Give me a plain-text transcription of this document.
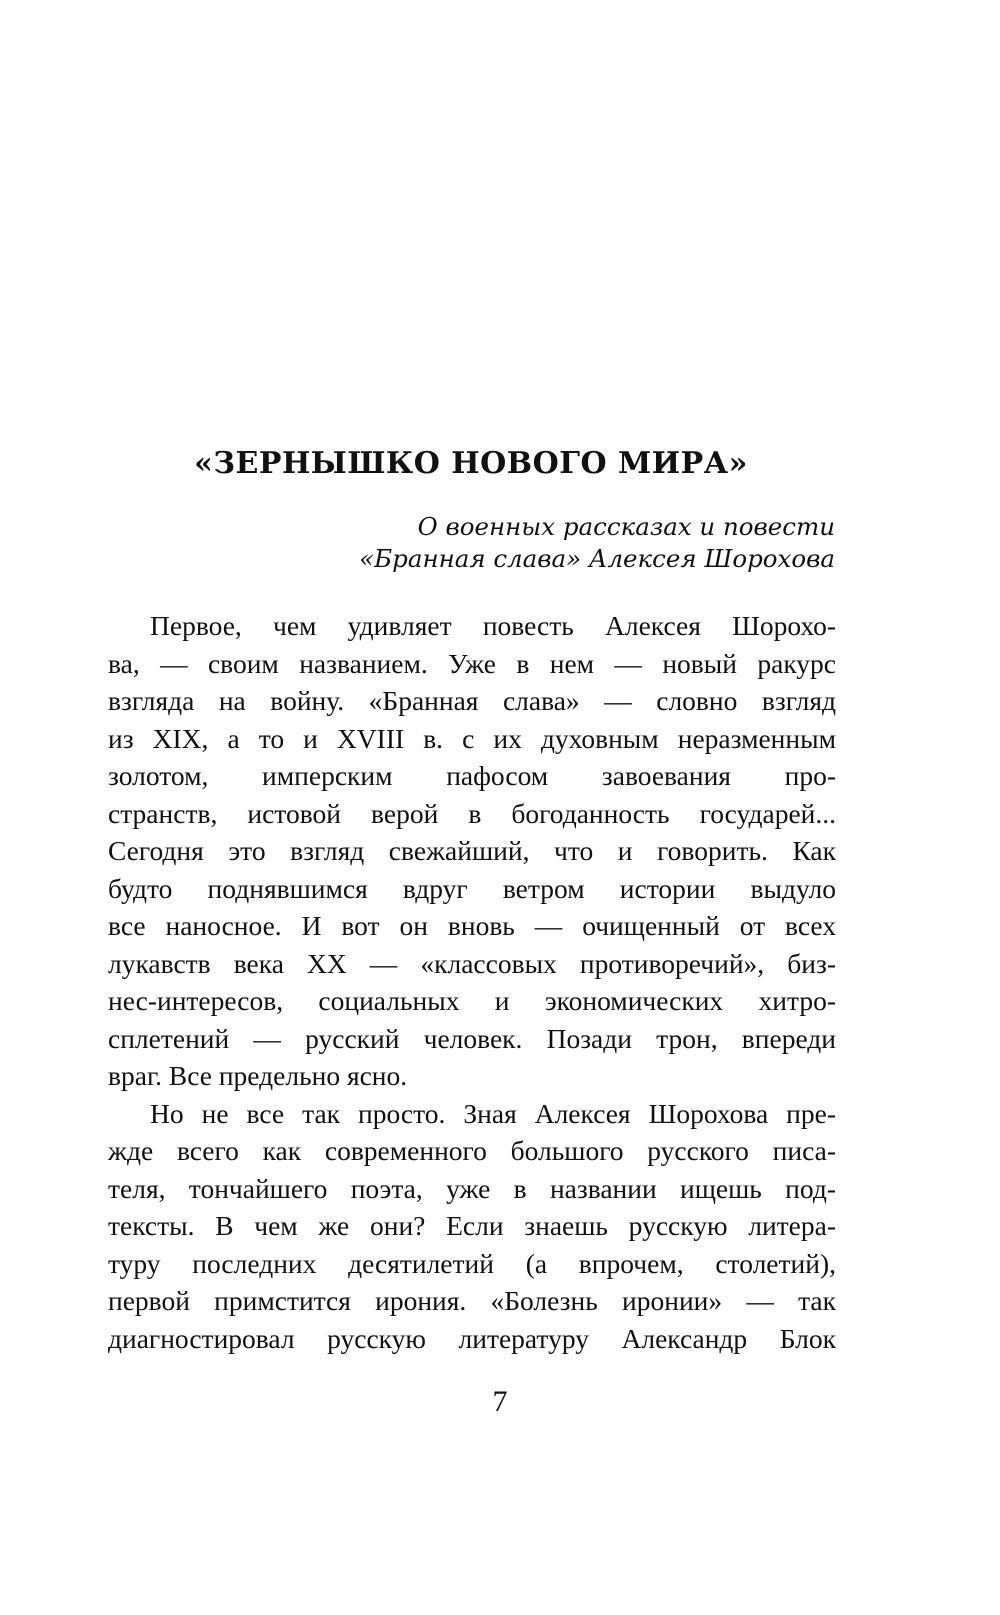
«ЗЕРНЫШКО НОВОГО МИРА»
О военных рассказах и повести
«Бранная слава» Алексея Шорохова
Первое, чем удивляет повесть Алексея Шорохо-
ва, — своим названием. Уже в нем — новый ракурс
взгляда на войну. «Бранная слава» — словно взгляд
из XIX, а то и XVIII в. с их духовным неразменным
золотом, имперским пафосом завоевания про-
странств, истовой верой в богоданность государей...
Сегодня это взгляд свежайший, что и говорить. Как
будто поднявшимся вдруг ветром истории выдуло
все наносное. И вот он вновь — очищенный от всех
лукавств века XX — «классовых противоречий», биз-
нес-интересов, социальных и экономических хитро-
сплетений — русский человек. Позади трон, впереди
враг. Все предельно ясно.
Но не все так просто. Зная Алексея Шорохова пре-
жде всего как современного большого русского писа-
теля, тончайшего поэта, уже в названии ищешь под-
тексты. В чем же они? Если знаешь русскую литера-
туру последних десятилетий (а впрочем, столетий),
первой примстится ирония. «Болезнь иронии» — так
диагностировал русскую литературу Александр Блок
7
